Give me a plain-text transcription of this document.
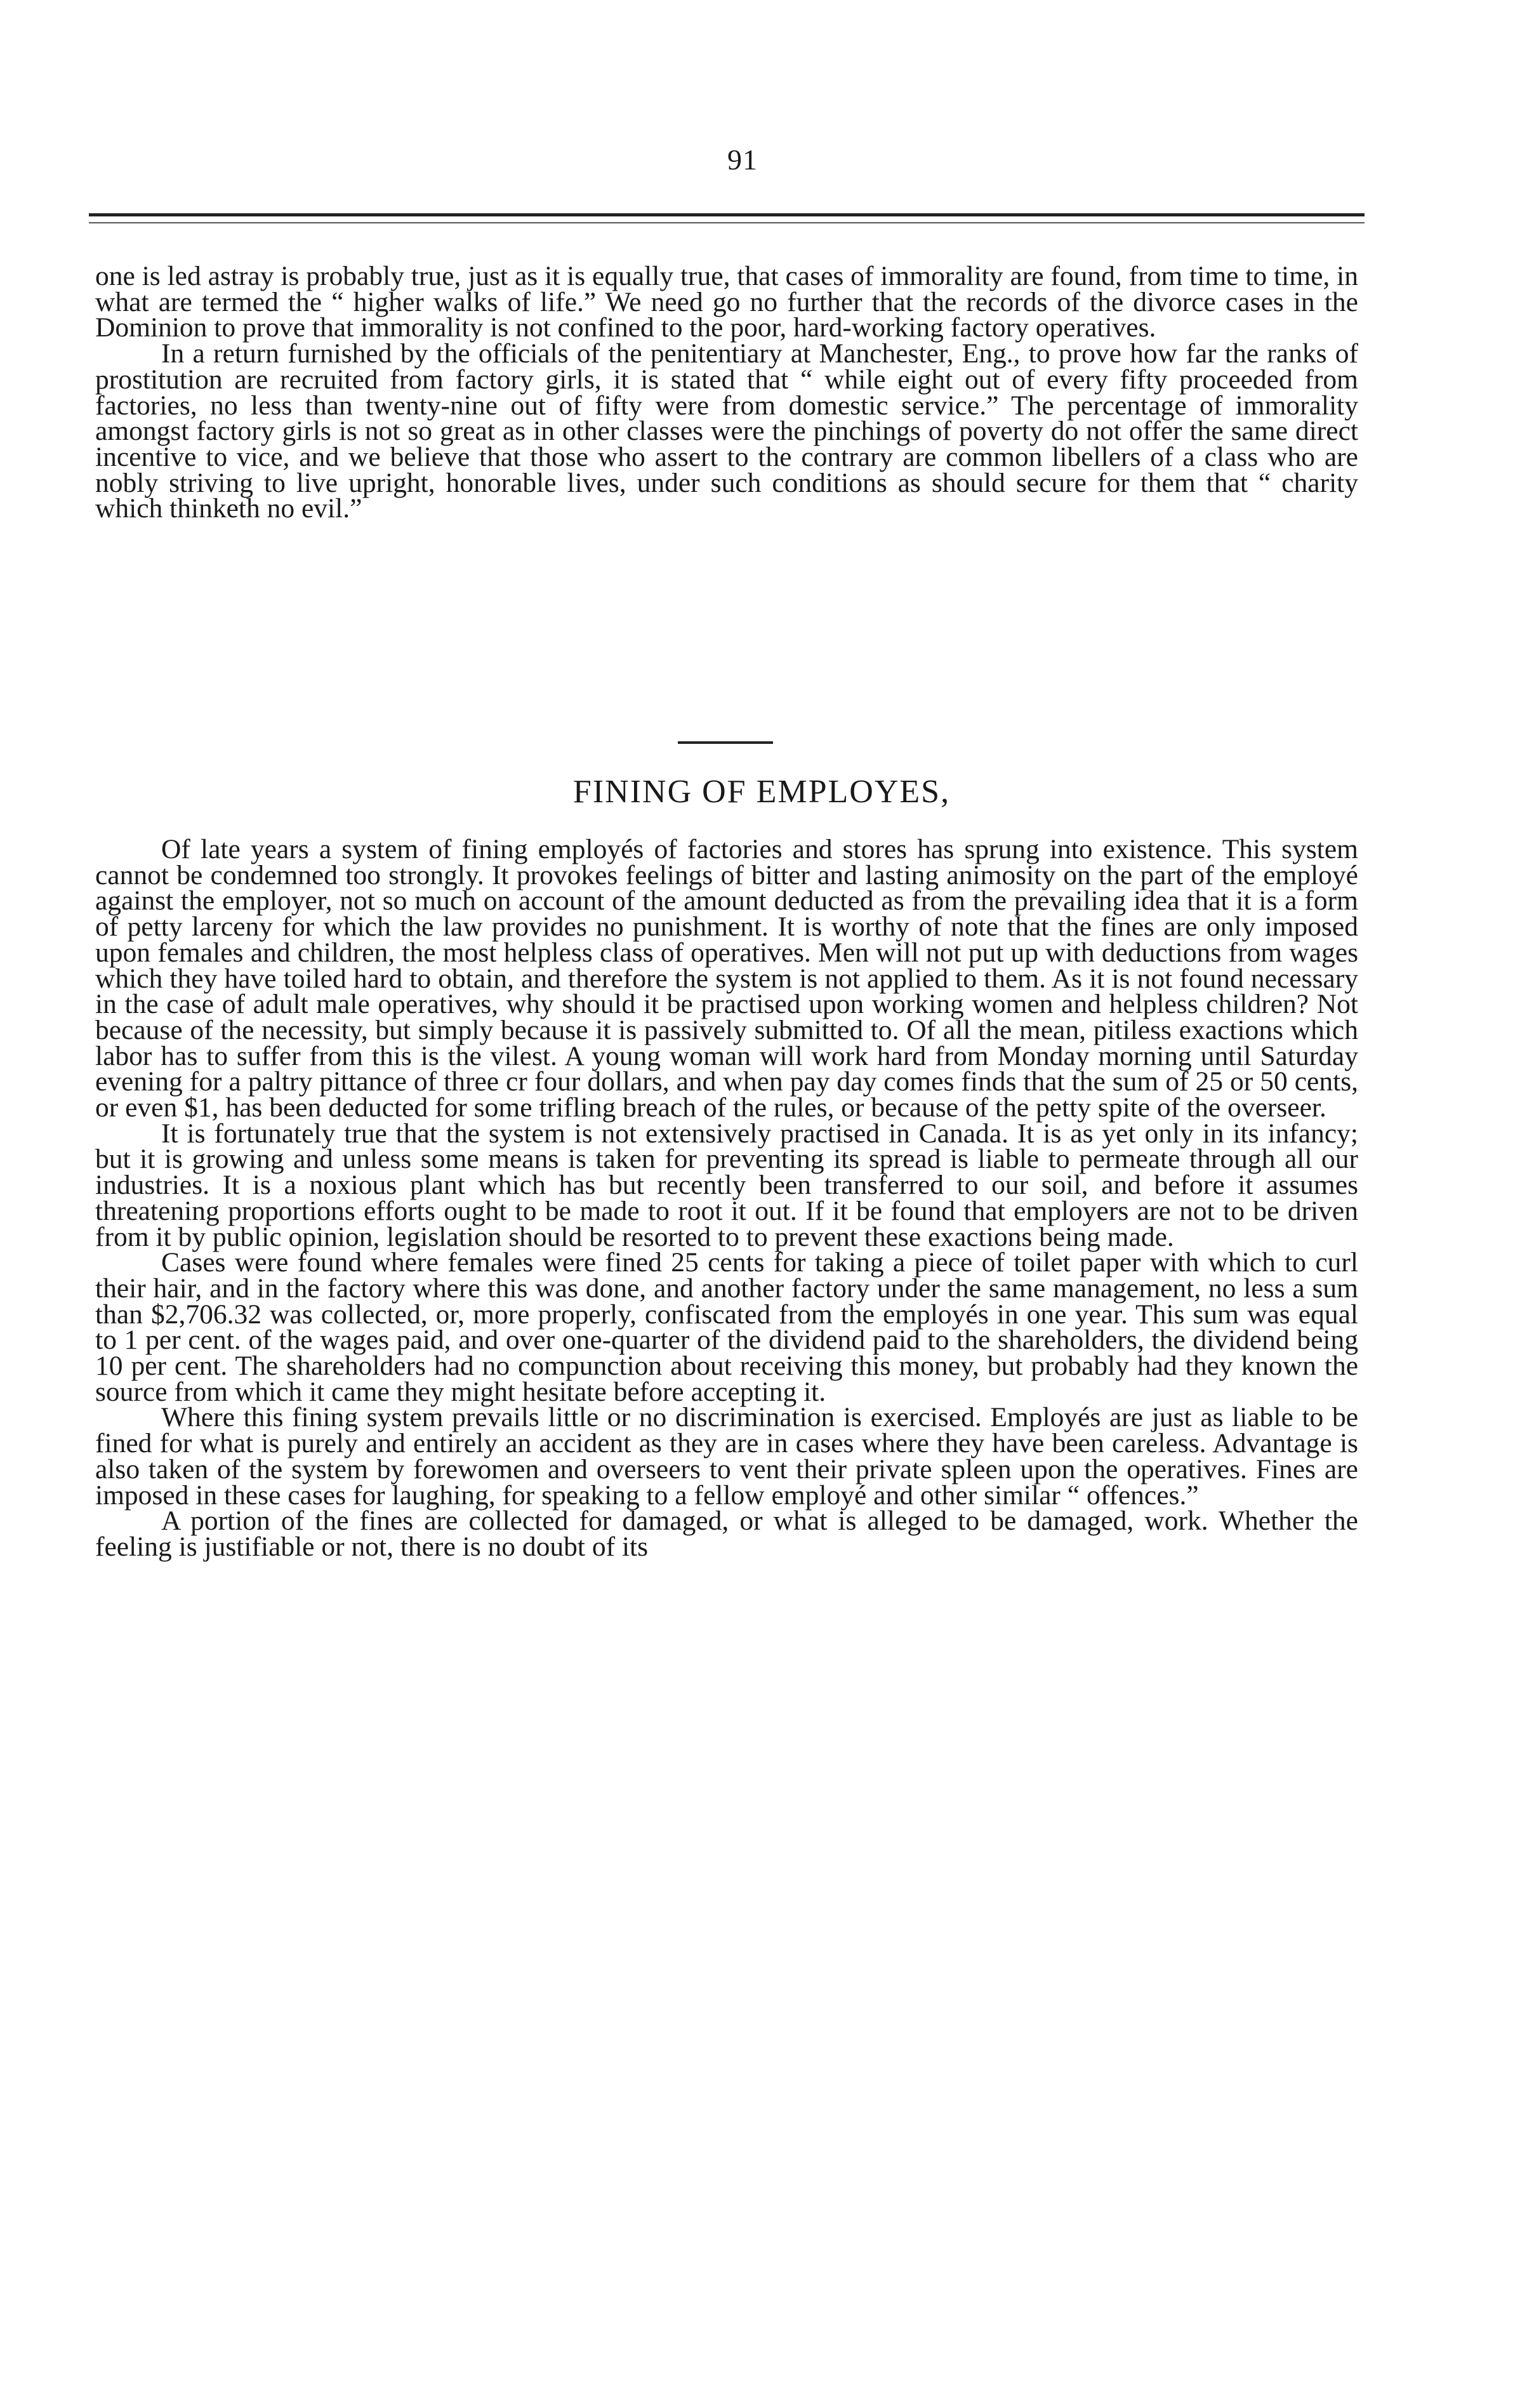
91

one is led astray is probably true, just as it is equally true, that cases of immorality are found, from time to time, in what are termed the “ higher walks of life.” We need go no further that the records of the divorce cases in the Dominion to prove that immorality is not confined to the poor, hard-working factory operatives.

In a return furnished by the officials of the penitentiary at Manchester, Eng., to prove how far the ranks of prostitution are recruited from factory girls, it is stated that “ while eight out of every fifty proceeded from factories, no less than twenty-nine out of fifty were from domestic service.” The percentage of immorality amongst factory girls is not so great as in other classes were the pinchings of poverty do not offer the same direct incentive to vice, and we believe that those who assert to the contrary are common libellers of a class who are nobly striving to live upright, honorable lives, under such conditions as should secure for them that “ charity which thinketh no evil.”

FINING OF EMPLOYES,

Of late years a system of fining employés of factories and stores has sprung into existence. This system cannot be condemned too strongly. It provokes feelings of bitter and lasting animosity on the part of the employé against the employer, not so much on account of the amount deducted as from the prevailing idea that it is a form of petty larceny for which the law provides no punishment. It is worthy of note that the fines are only imposed upon females and children, the most helpless class of operatives. Men will not put up with deductions from wages which they have toiled hard to obtain, and therefore the system is not applied to them. As it is not found necessary in the case of adult male operatives, why should it be practised upon working women and helpless children? Not because of the necessity, but simply because it is passively submitted to. Of all the mean, pitiless exactions which labor has to suffer from this is the vilest. A young woman will work hard from Monday morning until Saturday evening for a paltry pittance of three cr four dollars, and when pay day comes finds that the sum of 25 or 50 cents, or even $1, has been deducted for some trifling breach of the rules, or because of the petty spite of the overseer.

It is fortunately true that the system is not extensively practised in Canada. It is as yet only in its infancy; but it is growing and unless some means is taken for preventing its spread is liable to permeate through all our industries. It is a noxious plant which has but recently been transferred to our soil, and before it assumes threatening proportions efforts ought to be made to root it out. If it be found that employers are not to be driven from it by public opinion, legislation should be resorted to to prevent these exactions being made.

Cases were found where females were fined 25 cents for taking a piece of toilet paper with which to curl their hair, and in the factory where this was done, and another factory under the same management, no less a sum than $2,706.32 was collected, or, more properly, confiscated from the employés in one year. This sum was equal to 1 per cent. of the wages paid, and over one-quarter of the dividend paid to the shareholders, the dividend being 10 per cent. The shareholders had no compunction about receiving this money, but probably had they known the source from which it came they might hesitate before accepting it.

Where this fining system prevails little or no discrimination is exercised. Employés are just as liable to be fined for what is purely and entirely an accident as they are in cases where they have been careless. Advantage is also taken of the system by forewomen and overseers to vent their private spleen upon the operatives. Fines are imposed in these cases for laughing, for speaking to a fellow employé and other similar “ offences.”

A portion of the fines are collected for damaged, or what is alleged to be damaged, work. Whether the feeling is justifiable or not, there is no doubt of its
